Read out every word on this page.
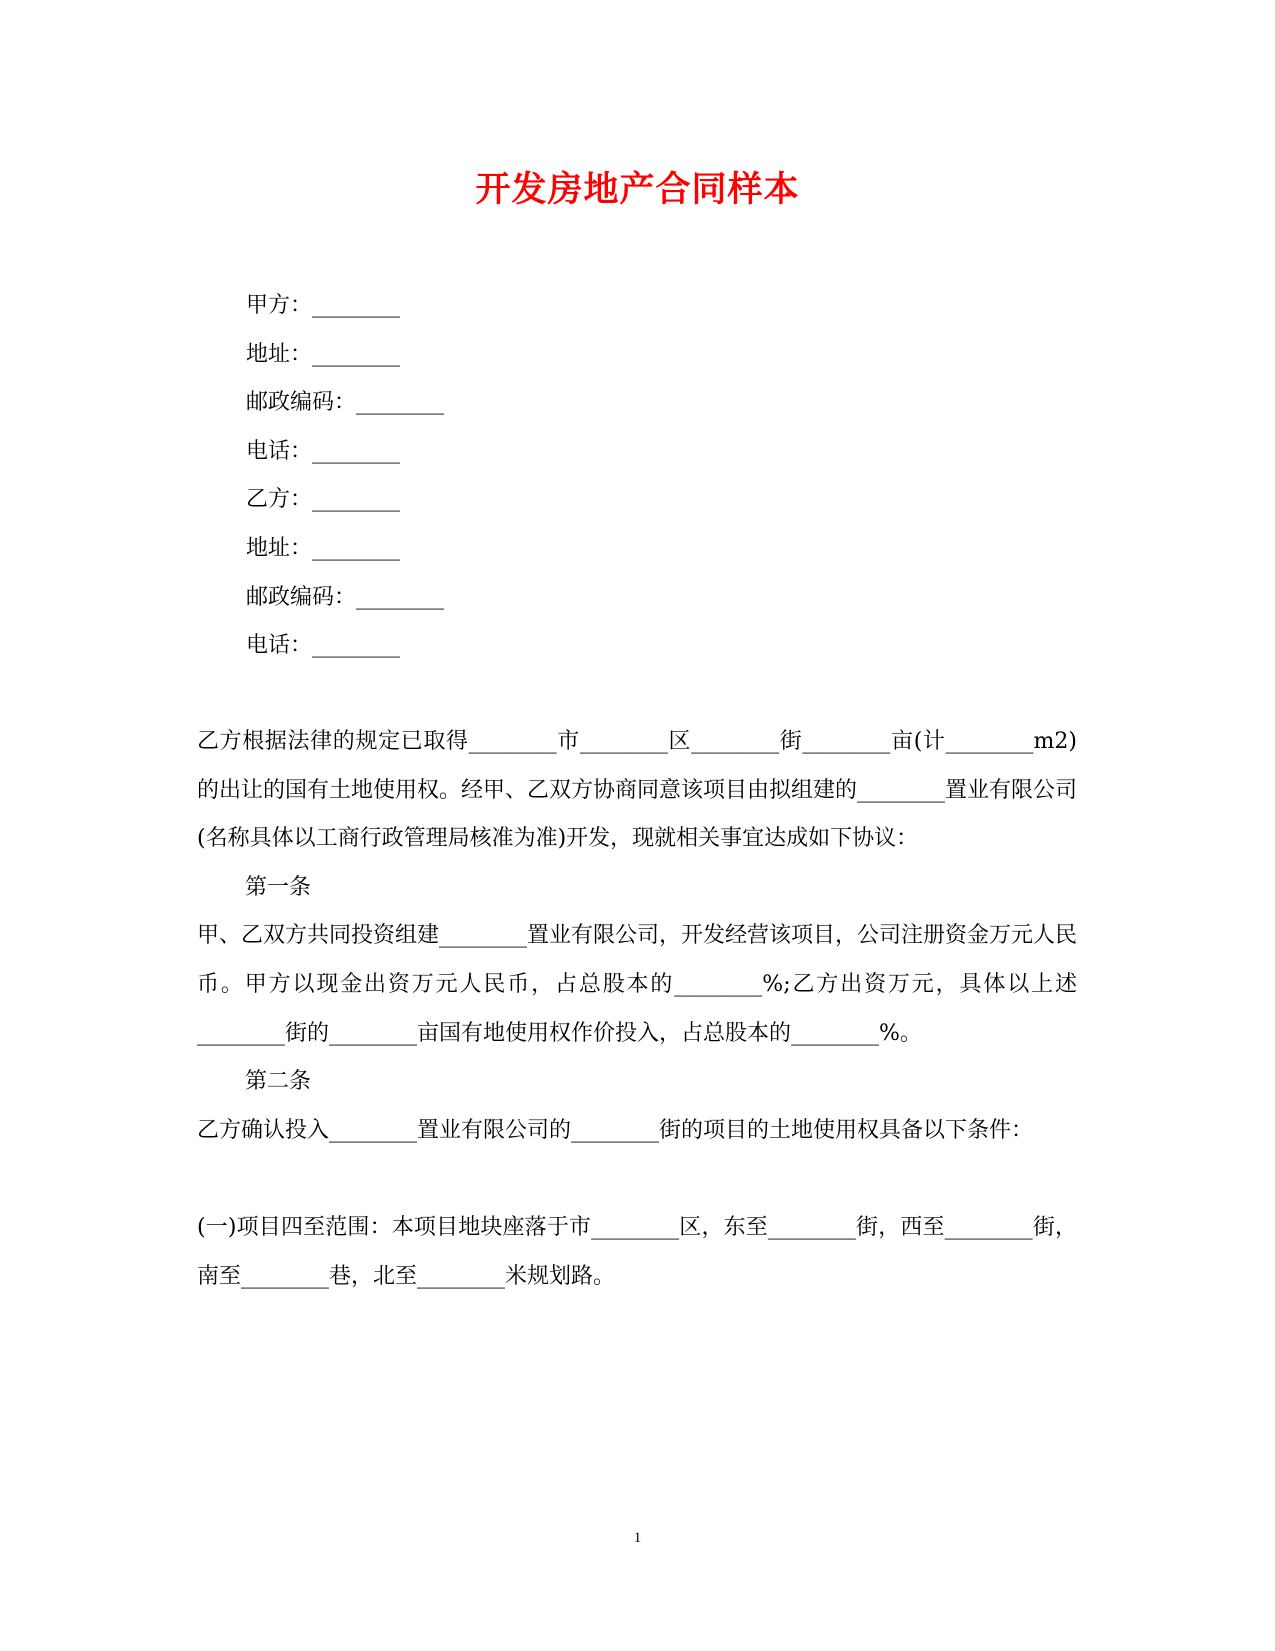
开发房地产合同样本
甲方：________
地址：________
邮政编码：________
电话：________
乙方：________
地址：________
邮政编码：________
电话：________

乙方根据法律的规定已取得________市________区________街________亩(计________m2)的出让的国有土地使用权。经甲、乙双方协商同意该项目由拟组建的________置业有限公司(名称具体以工商行政管理局核准为准)开发，现就相关事宜达成如下协议：

第一条

甲、乙双方共同投资组建________置业有限公司，开发经营该项目，公司注册资金万元人民币。甲方以现金出资万元人民币，占总股本的________%;乙方出资万元，具体以上述________街的________亩国有地使用权作价投入，占总股本的________%。

第二条

乙方确认投入________置业有限公司的________街的项目的土地使用权具备以下条件：

(一)项目四至范围：本项目地块座落于市________区，东至________街，西至________街，南至________巷，北至________米规划路。

1
